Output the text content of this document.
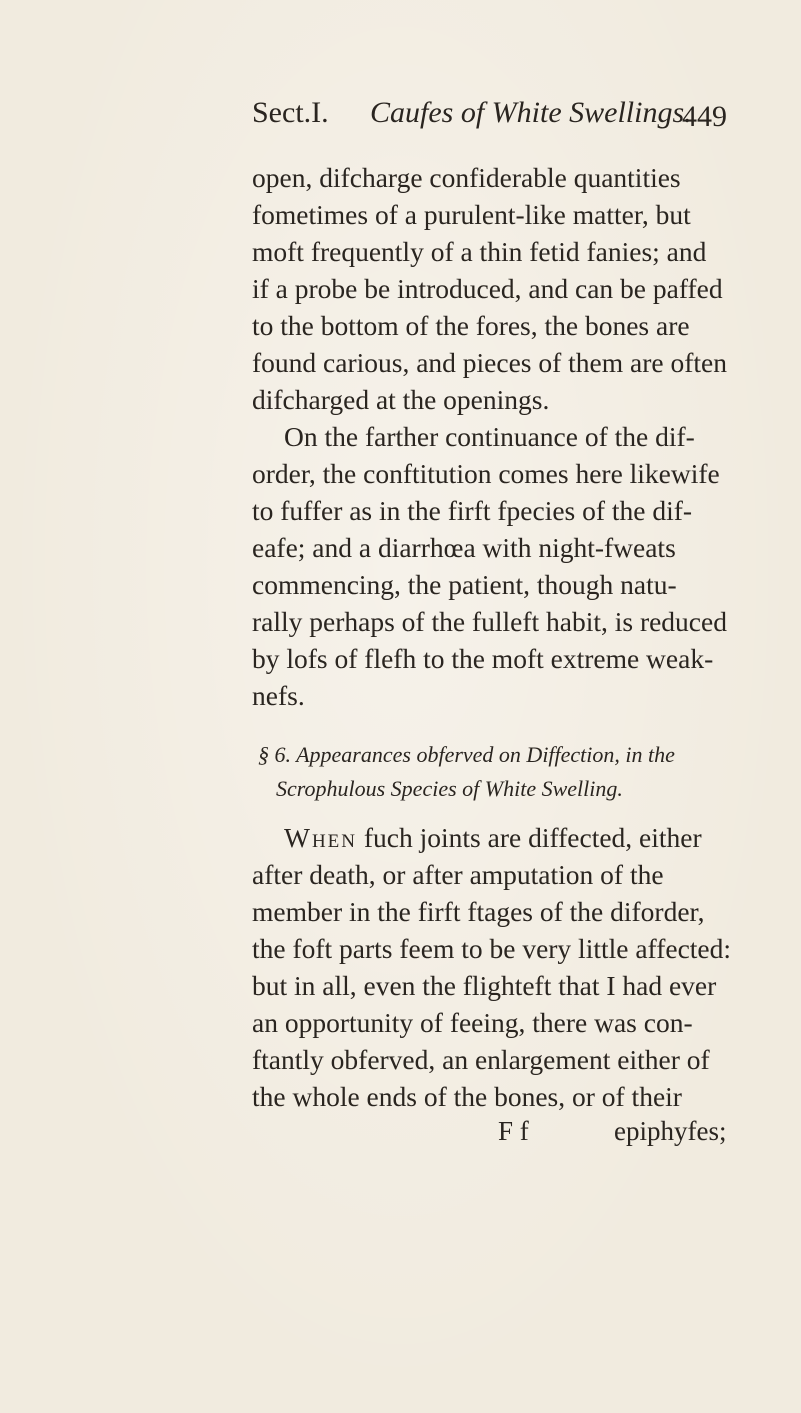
Sect.I. Caufes of White Swellings.
449
open, difcharge confiderable quantities
fometimes of a purulent-like matter, but
moft frequently of a thin fetid fanies; and
if a probe be introduced, and can be paffed
to the bottom of the fores, the bones are
found carious, and pieces of them are often
difcharged at the openings.
On the farther continuance of the dif-
order, the conftitution comes here likewife
to fuffer as in the firft fpecies of the dif-
eafe; and a diarrhœa with night-fweats
commencing, the patient, though natu-
rally perhaps of the fulleft habit, is reduced
by lofs of flefh to the moft extreme weak-
nefs.
§ 6. Appearances obferved on Diffection, in the
Scrophulous Species of White Swelling.
When fuch joints are diffected, either
after death, or after amputation of the
member in the firft ftages of the diforder,
the foft parts feem to be very little affected:
but in all, even the flighteft that I had ever
an opportunity of feeing, there was con-
ftantly obferved, an enlargement either of
the whole ends of the bones, or of their
F f	epiphyfes;
